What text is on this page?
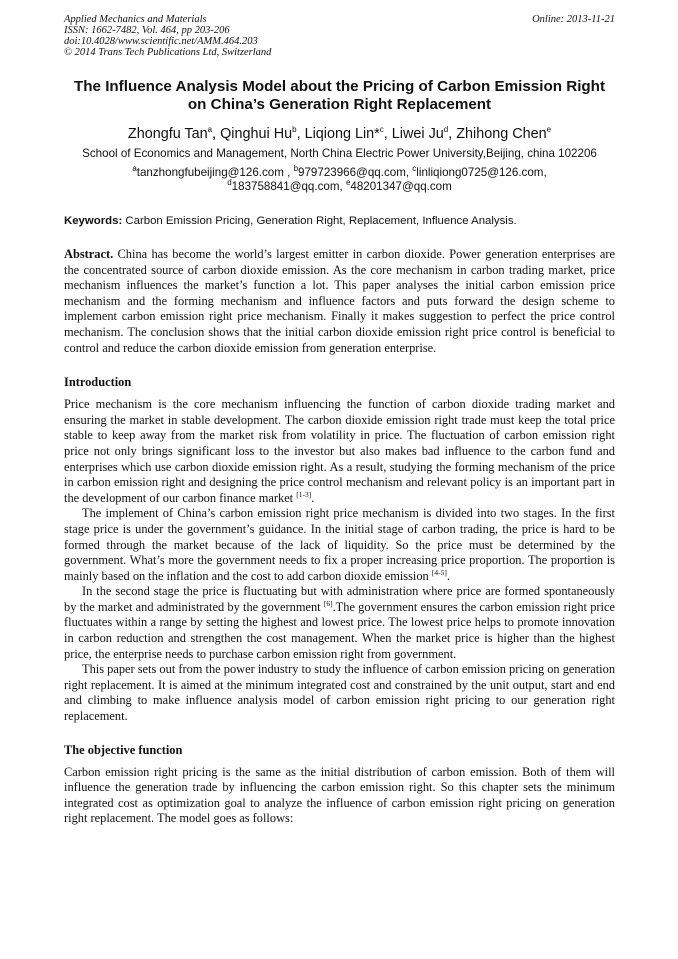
Applied Mechanics and Materials	Online: 2013-11-21
ISSN: 1662-7482, Vol. 464, pp 203-206
doi:10.4028/www.scientific.net/AMM.464.203
© 2014 Trans Tech Publications Ltd, Switzerland
The Influence Analysis Model about the Pricing of Carbon Emission Right on China’s Generation Right Replacement
Zhongfu Tan$^a$, Qinghui Hu$^b$, Liqiong Lin*$^c$, Liwei Ju$^d$, Zhihong Chen$^e$
School of Economics and Management, North China Electric Power University,Beijing, china 102206
$^a$tanzhongfubeijing@126.com , $^b$979723966@qq.com, $^c$linliqiong0725@126.com,
$^d$183758841@qq.com, $^e$48201347@qq.com
Keywords: Carbon Emission Pricing, Generation Right, Replacement, Influence Analysis.
Abstract. China has become the world’s largest emitter in carbon dioxide. Power generation enterprises are the concentrated source of carbon dioxide emission. As the core mechanism in carbon trading market, price mechanism influences the market’s function a lot. This paper analyses the initial carbon emission price mechanism and the forming mechanism and influence factors and puts forward the design scheme to implement carbon emission right price mechanism. Finally it makes suggestion to perfect the price control mechanism. The conclusion shows that the initial carbon dioxide emission right price control is beneficial to control and reduce the carbon dioxide emission from generation enterprise.
Introduction

Price mechanism is the core mechanism influencing the function of carbon dioxide trading market and ensuring the market in stable development. The carbon dioxide emission right trade must keep the total price stable to keep away from the market risk from volatility in price. The fluctuation of carbon emission right price not only brings significant loss to the investor but also makes bad influence to the carbon fund and enterprises which use carbon dioxide emission right. As a result, studying the forming mechanism of the price in carbon emission right and designing the price control mechanism and relevant policy is an important part in the development of our carbon finance market [1-3].

The implement of China’s carbon emission right price mechanism is divided into two stages. In the first stage price is under the government’s guidance. In the initial stage of carbon trading, the price is hard to be formed through the market because of the lack of liquidity. So the price must be determined by the government. What’s more the government needs to fix a proper increasing price proportion. The proportion is mainly based on the inflation and the cost to add carbon dioxide emission [4-5].

In the second stage the price is fluctuating but with administration where price are formed spontaneously by the market and administrated by the government [6].The government ensures the carbon emission right price fluctuates within a range by setting the highest and lowest price. The lowest price helps to promote innovation in carbon reduction and strengthen the cost management. When the market price is higher than the highest price, the enterprise needs to purchase carbon emission right from government.

This paper sets out from the power industry to study the influence of carbon emission pricing on generation right replacement. It is aimed at the minimum integrated cost and constrained by the unit output, start and end and climbing to make influence analysis model of carbon emission right pricing to our generation right replacement.

The objective function

Carbon emission right pricing is the same as the initial distribution of carbon emission. Both of them will influence the generation trade by influencing the carbon emission right. So this chapter sets the minimum integrated cost as optimization goal to analyze the influence of carbon emission right pricing on generation right replacement. The model goes as follows:
